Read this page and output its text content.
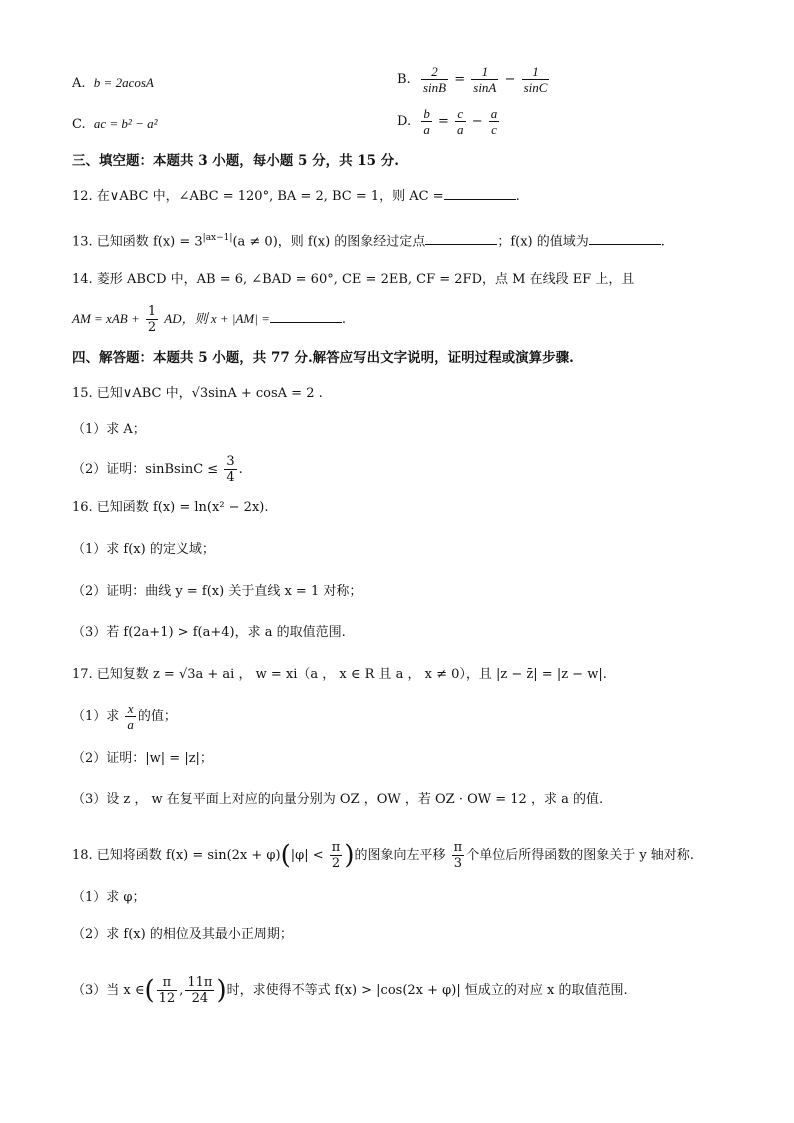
A. b = 2acosA	B. $\frac{2}{\sin B} = \frac{1}{\sin A} - \frac{1}{\sin C}$
C. ac = b² − a²	D. $\frac{b}{a} = \frac{c}{a} - \frac{a}{c}$
三、填空题：本题共 3 小题，每小题 5 分，共 15 分.
12. 在∨ABC 中，∠ABC = 120°, BA = 2, BC = 1，则 AC =	.
13. 已知函数 $f(x) = 3^{|ax-1|}(a \ne 0)$，则 f(x) 的图象经过定点	；f(x) 的值域为	.
14. 菱形 ABCD 中，AB = 6, ∠BAD = 60°, CE = 2EB, CF = 2FD，点 M 在线段 EF 上，且
AM = xAB + $\frac{1}{2}$ AD，则 x + |AM| =	.
四、解答题：本题共 5 小题，共 77 分.解答应写出文字说明，证明过程或演算步骤.
15. 已知∨ABC 中，√3sinA + cosA = 2 .
（1）求 A；
（2）证明：sinBsinC ≤ $\frac{3}{4}$ .
16. 已知函数 f(x) = ln(x² − 2x).
（1）求 f(x) 的定义域；
（2）证明：曲线 y = f(x) 关于直线 x = 1 对称；
（3）若 f(2a+1) > f(a+4)，求 a 的取值范围.
17. 已知复数 z = √3a + ai ， w = xi（a ， x ∈ R 且 a ， x ≠ 0），且 |z − z̄| = |z − w|.
（1）求 $\frac{x}{a}$ 的值；
（2）证明：|w| = |z|；
（3）设 z ， w 在复平面上对应的向量分别为 OZ ，OW ，若 OZ · OW = 12 ，求 a 的值.
18. 已知将函数 $f(x) = \sin(2x + \varphi)(|\varphi| < \frac{\pi}{2}$ )的图象向左平移 $\frac{\pi}{3}$ 个单位后所得函数的图象关于 y 轴对称.
（1）求 φ；
（2）求 f(x) 的相位及其最小正周期；
（3）当 x ∈( $\frac{\pi}{12}$ , $\frac{11\pi}{24}$ )时，求使得不等式 f(x) > |cos(2x + φ)| 恒成立的对应 x 的取值范围.
